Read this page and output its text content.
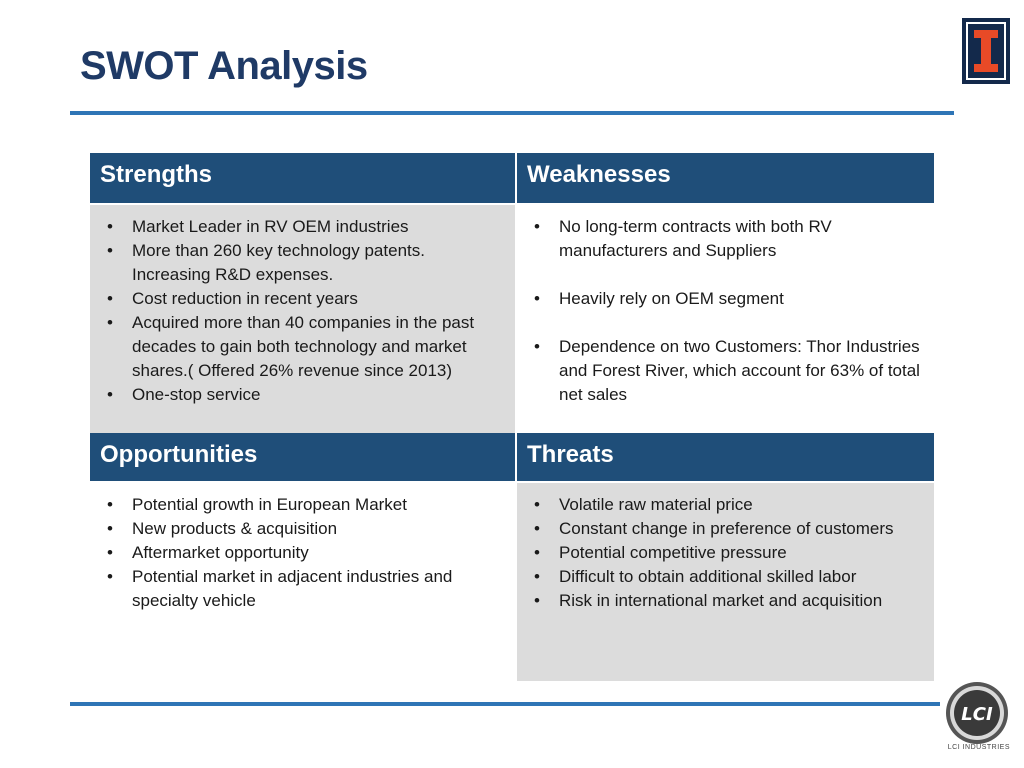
SWOT Analysis
Strengths	Weaknesses
• Market Leader in RV OEM industries
• More than 260 key technology patents. Increasing R&D expenses.
• Cost reduction in recent years
• Acquired more than 40 companies in the past decades to gain both technology and market shares.( Offered 26% revenue since 2013)
• One-stop service
• No long-term contracts with both RV manufacturers and Suppliers
• Heavily rely on OEM segment
• Dependence on two Customers: Thor Industries and Forest River, which account for 63% of total net sales
Opportunities	Threats
• Potential growth in European Market
• New products & acquisition
• Aftermarket opportunity
• Potential market in adjacent industries and specialty vehicle
• Volatile raw material price
• Constant change in preference of customers
• Potential competitive pressure
• Difficult to obtain additional skilled labor
• Risk in international market and acquisition
LCI
LCI INDUSTRIES
